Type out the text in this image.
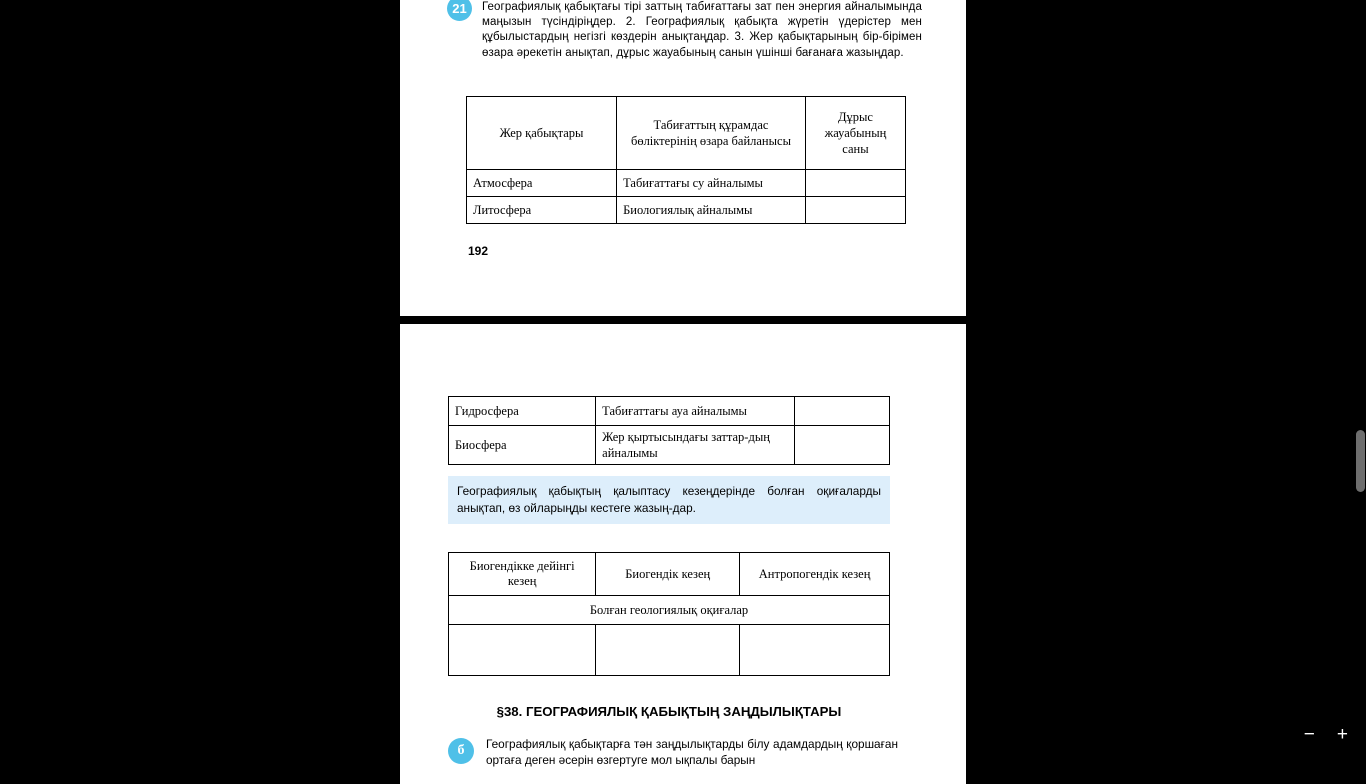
21	Географиялық қабықтағы тірі заттың табиғаттағы зат пен энергия айналымында маңызын түсіндіріңдер. 2. Географиялық қабықта жүретін үдерістер мен құбылыстардың негізгі көздерін анықтаңдар. 3. Жер қабықтарының бір-бірімен өзара әрекетін анықтап, дұрыс жауабының санын үшінші бағанаға жазыңдар.
Жер қабықтары	Табиғаттың құрамдас бөліктерінің өзара байланысы	Дұрыс жауабының саны
Атмосфера	Табиғаттағы су айналымы	
Литосфера	Биологиялық айналымы	
192
Гидросфера	Табиғаттағы ауа айналымы	
Биосфера	Жер қыртысындағы заттар-дың айналымы	
Географиялық қабықтың қалыптасу кезеңдерінде болған оқиғаларды анықтап, өз ойларыңды кестеге жазың-дар.
Биогендікке дейінгі кезең	Биогендік кезең	Антропогендік кезең
Болған геологиялық оқиғалар		

§38. ГЕОГРАФИЯЛЫҚ ҚАБЫҚТЫҢ ЗАҢДЫЛЫҚТАРЫ
б	Географиялық қабықтарға тән заңдылықтарды білу адамдардың қоршаған ортаға деген әсерін өзгертуге мол ықпалы барын
− +
